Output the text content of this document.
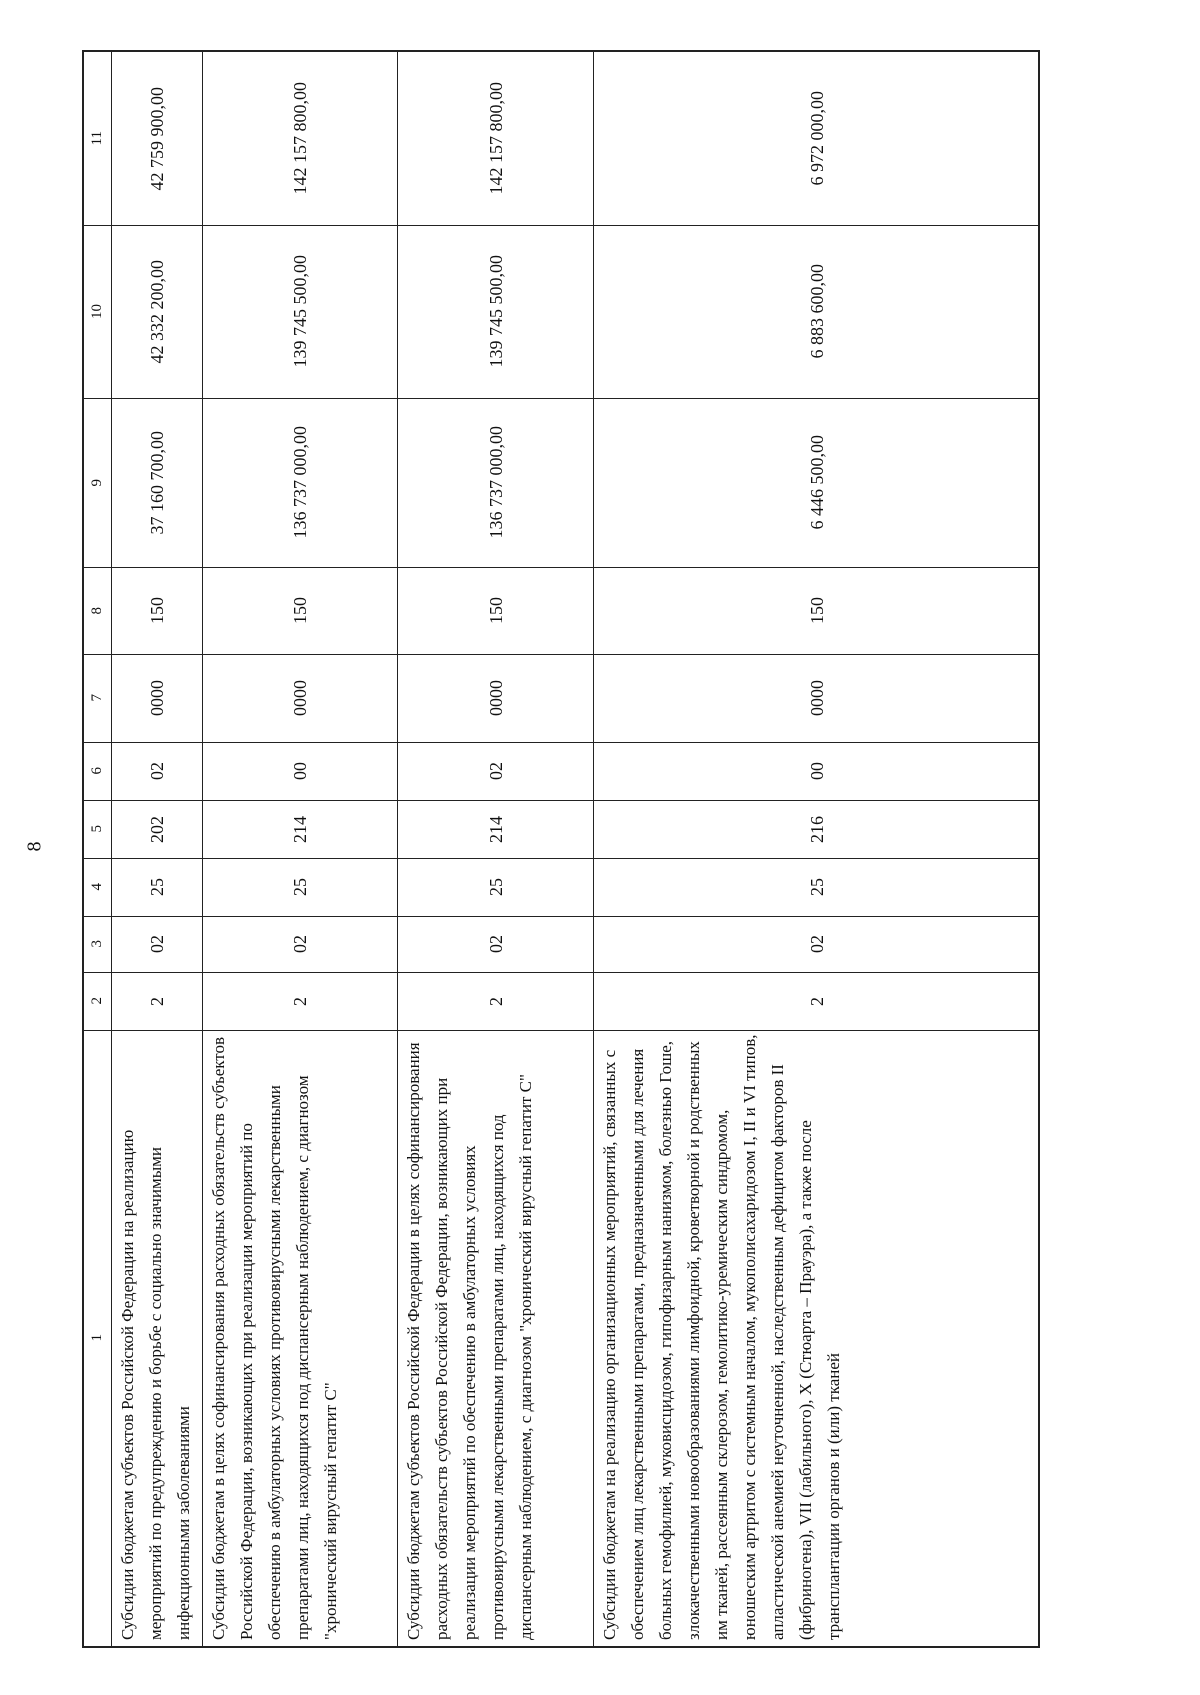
8
11
10
9
8
7
6
5
4
3
2
1
42 759 900,00
42 332 200,00
37 160 700,00
150
0000
02
202
25
02
2
Субсидии бюджетам субъектов Российской Федерации на реализацию мероприятий по предупреждению и борьбе с социально значимыми инфекционными заболеваниями
142 157 800,00
139 745 500,00
136 737 000,00
150
0000
00
214
25
02
2
Субсидии бюджетам в целях софинансирования расходных обязательств субъектов Российской Федерации, возникающих при реализации мероприятий по обеспечению в амбулаторных условиях противовирусными лекарственными препаратами лиц, находящихся под диспансерным наблюдением, с диагнозом "хронический вирусный гепатит С"
142 157 800,00
139 745 500,00
136 737 000,00
150
0000
02
214
25
02
2
Субсидии бюджетам субъектов Российской Федерации в целях софинансирования расходных обязательств субъектов Российской Федерации, возникающих при реализации мероприятий по обеспечению в амбулаторных условиях противовирусными лекарственными препаратами лиц, находящихся под диспансерным наблюдением, с диагнозом "хронический вирусный гепатит С"
6 972 000,00
6 883 600,00
6 446 500,00
150
0000
00
216
25
02
2
Субсидии бюджетам на реализацию организационных мероприятий, связанных с обеспечением лиц лекарственными препаратами, предназначенными для лечения больных гемофилией, муковисцидозом, гипофизарным нанизмом, болезнью Гоше, злокачественными новообразованиями лимфоидной, кроветворной и родственных им тканей, рассеянным склерозом, гемолитико-уремическим синдромом, юношеским артритом с системным началом, мукополисахаридозом I, II и VI типов, апластической анемией неуточненной, наследственным дефицитом факторов II (фибриногена), VII (лабильного), X (Стюарта – Прауэра), а также после трансплантации органов и (или) тканей
